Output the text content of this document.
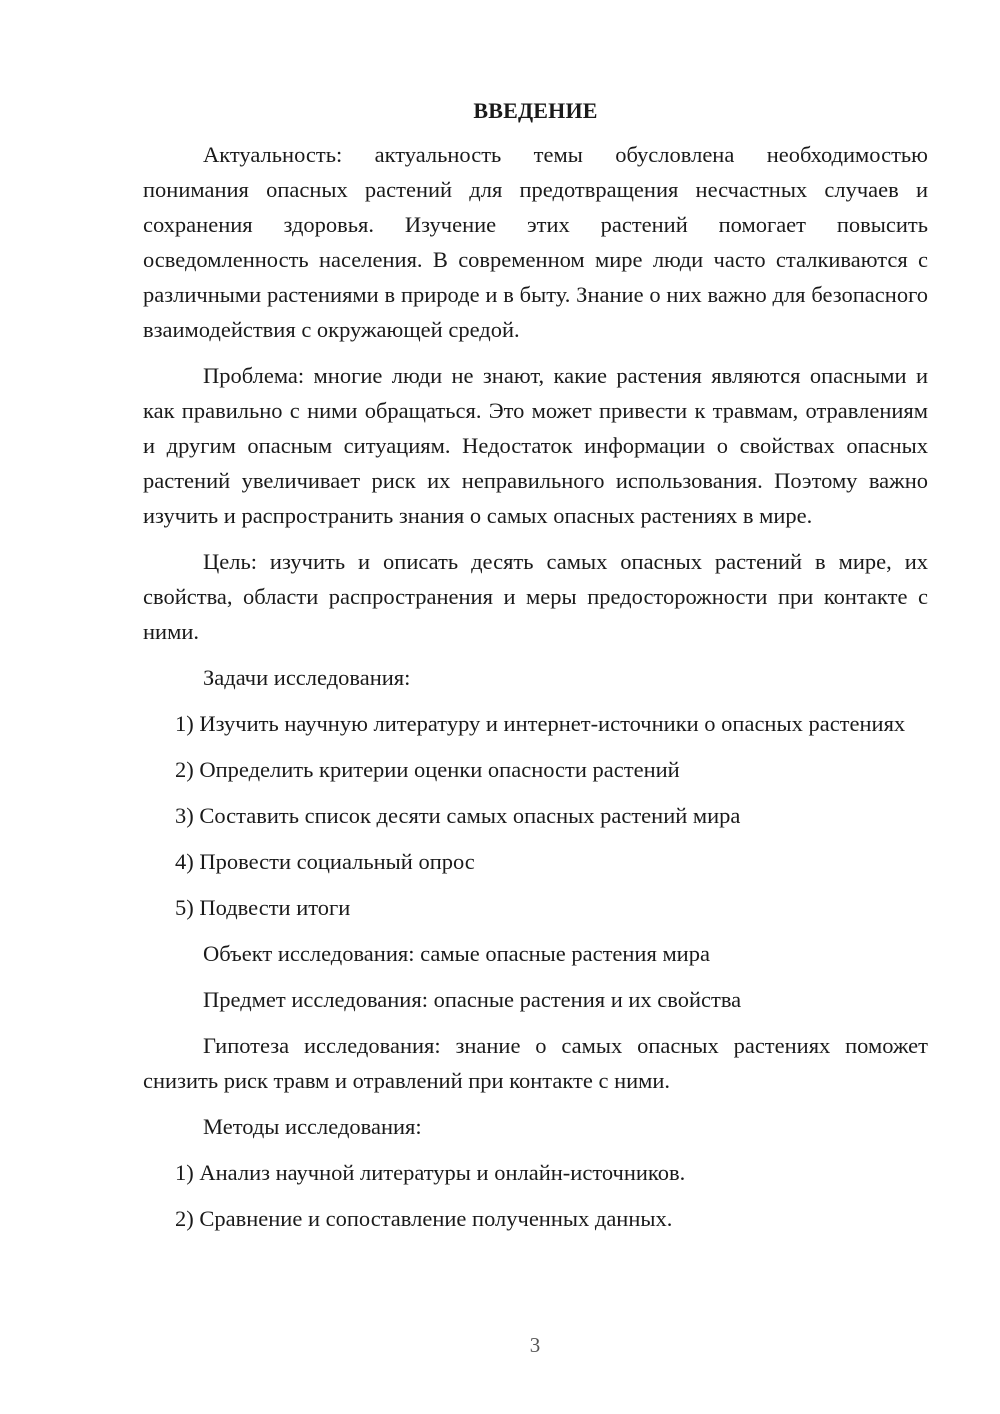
ВВЕДЕНИЕ

Актуальность: актуальность темы обусловлена необходимостью понимания опасных растений для предотвращения несчастных случаев и сохранения здоровья. Изучение этих растений помогает повысить осведомленность населения. В современном мире люди часто сталкиваются с различными растениями в природе и в быту. Знание о них важно для безопасного взаимодействия с окружающей средой.

Проблема: многие люди не знают, какие растения являются опасными и как правильно с ними обращаться. Это может привести к травмам, отравлениям и другим опасным ситуациям. Недостаток информации о свойствах опасных растений увеличивает риск их неправильного использования. Поэтому важно изучить и распространить знания о самых опасных растениях в мире.

Цель: изучить и описать десять самых опасных растений в мире, их свойства, области распространения и меры предосторожности при контакте с ними.

Задачи исследования:

1) Изучить научную литературу и интернет-источники о опасных растениях

2) Определить критерии оценки опасности растений

3) Составить список десяти самых опасных растений мира

4) Провести социальный опрос

5) Подвести итоги

Объект исследования: самые опасные растения мира

Предмет исследования: опасные растения и их свойства

Гипотеза исследования: знание о самых опасных растениях поможет снизить риск травм и отравлений при контакте с ними.

Методы исследования:

1) Анализ научной литературы и онлайн-источников.

2) Сравнение и сопоставление полученных данных.

3
